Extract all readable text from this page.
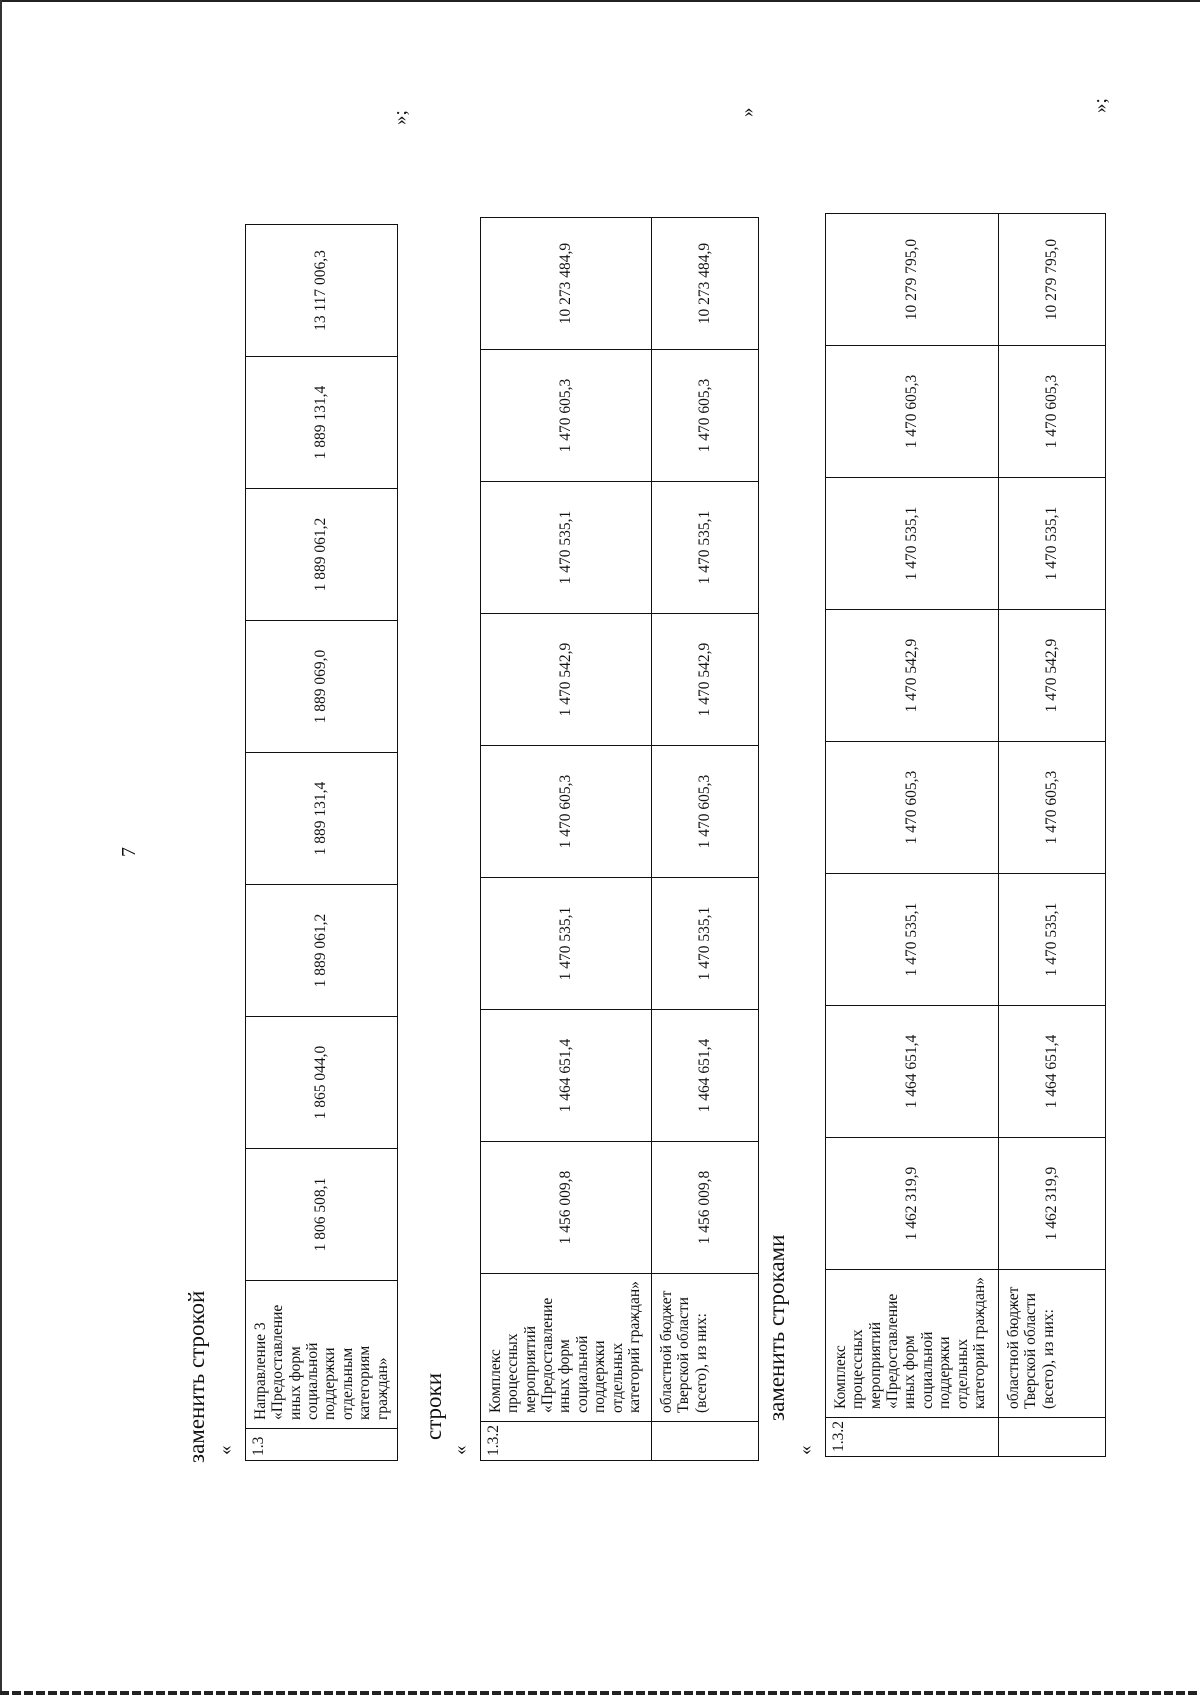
7
заменить строкой « 1.3	Направление 3 «Предоставление иных форм социальной поддержки отдельным категориям граждан»	1 806 508,1	1 865 044,0	1 889 061,2	1 889 131,4	1 889 069,0	1 889 061,2	1 889 131,4	13 117 006,3
»;
строки
« 1.3.2	Комплекс процессных мероприятий «Предоставление иных форм социальной поддержки отдельных категорий граждан»	1 456 009,8	1 464 651,4	1 470 535,1	1 470 605,3	1 470 542,9	1 470 535,1	1 470 605,3	10 273 484,9
	областной бюджет Тверской области (всего), из них:	1 456 009,8	1 464 651,4	1 470 535,1	1 470 605,3	1 470 542,9	1 470 535,1	1 470 605,3	10 273 484,9
»
заменить строками
« 1.3.2	Комплекс процессных мероприятий «Предоставление иных форм социальной поддержки отдельных категорий граждан»	1 462 319,9	1 464 651,4	1 470 535,1	1 470 605,3	1 470 542,9	1 470 535,1	1 470 605,3	10 279 795,0
	областной бюджет Тверской области (всего), из них:	1 462 319,9	1 464 651,4	1 470 535,1	1 470 605,3	1 470 542,9	1 470 535,1	1 470 605,3	10 279 795,0
»;
